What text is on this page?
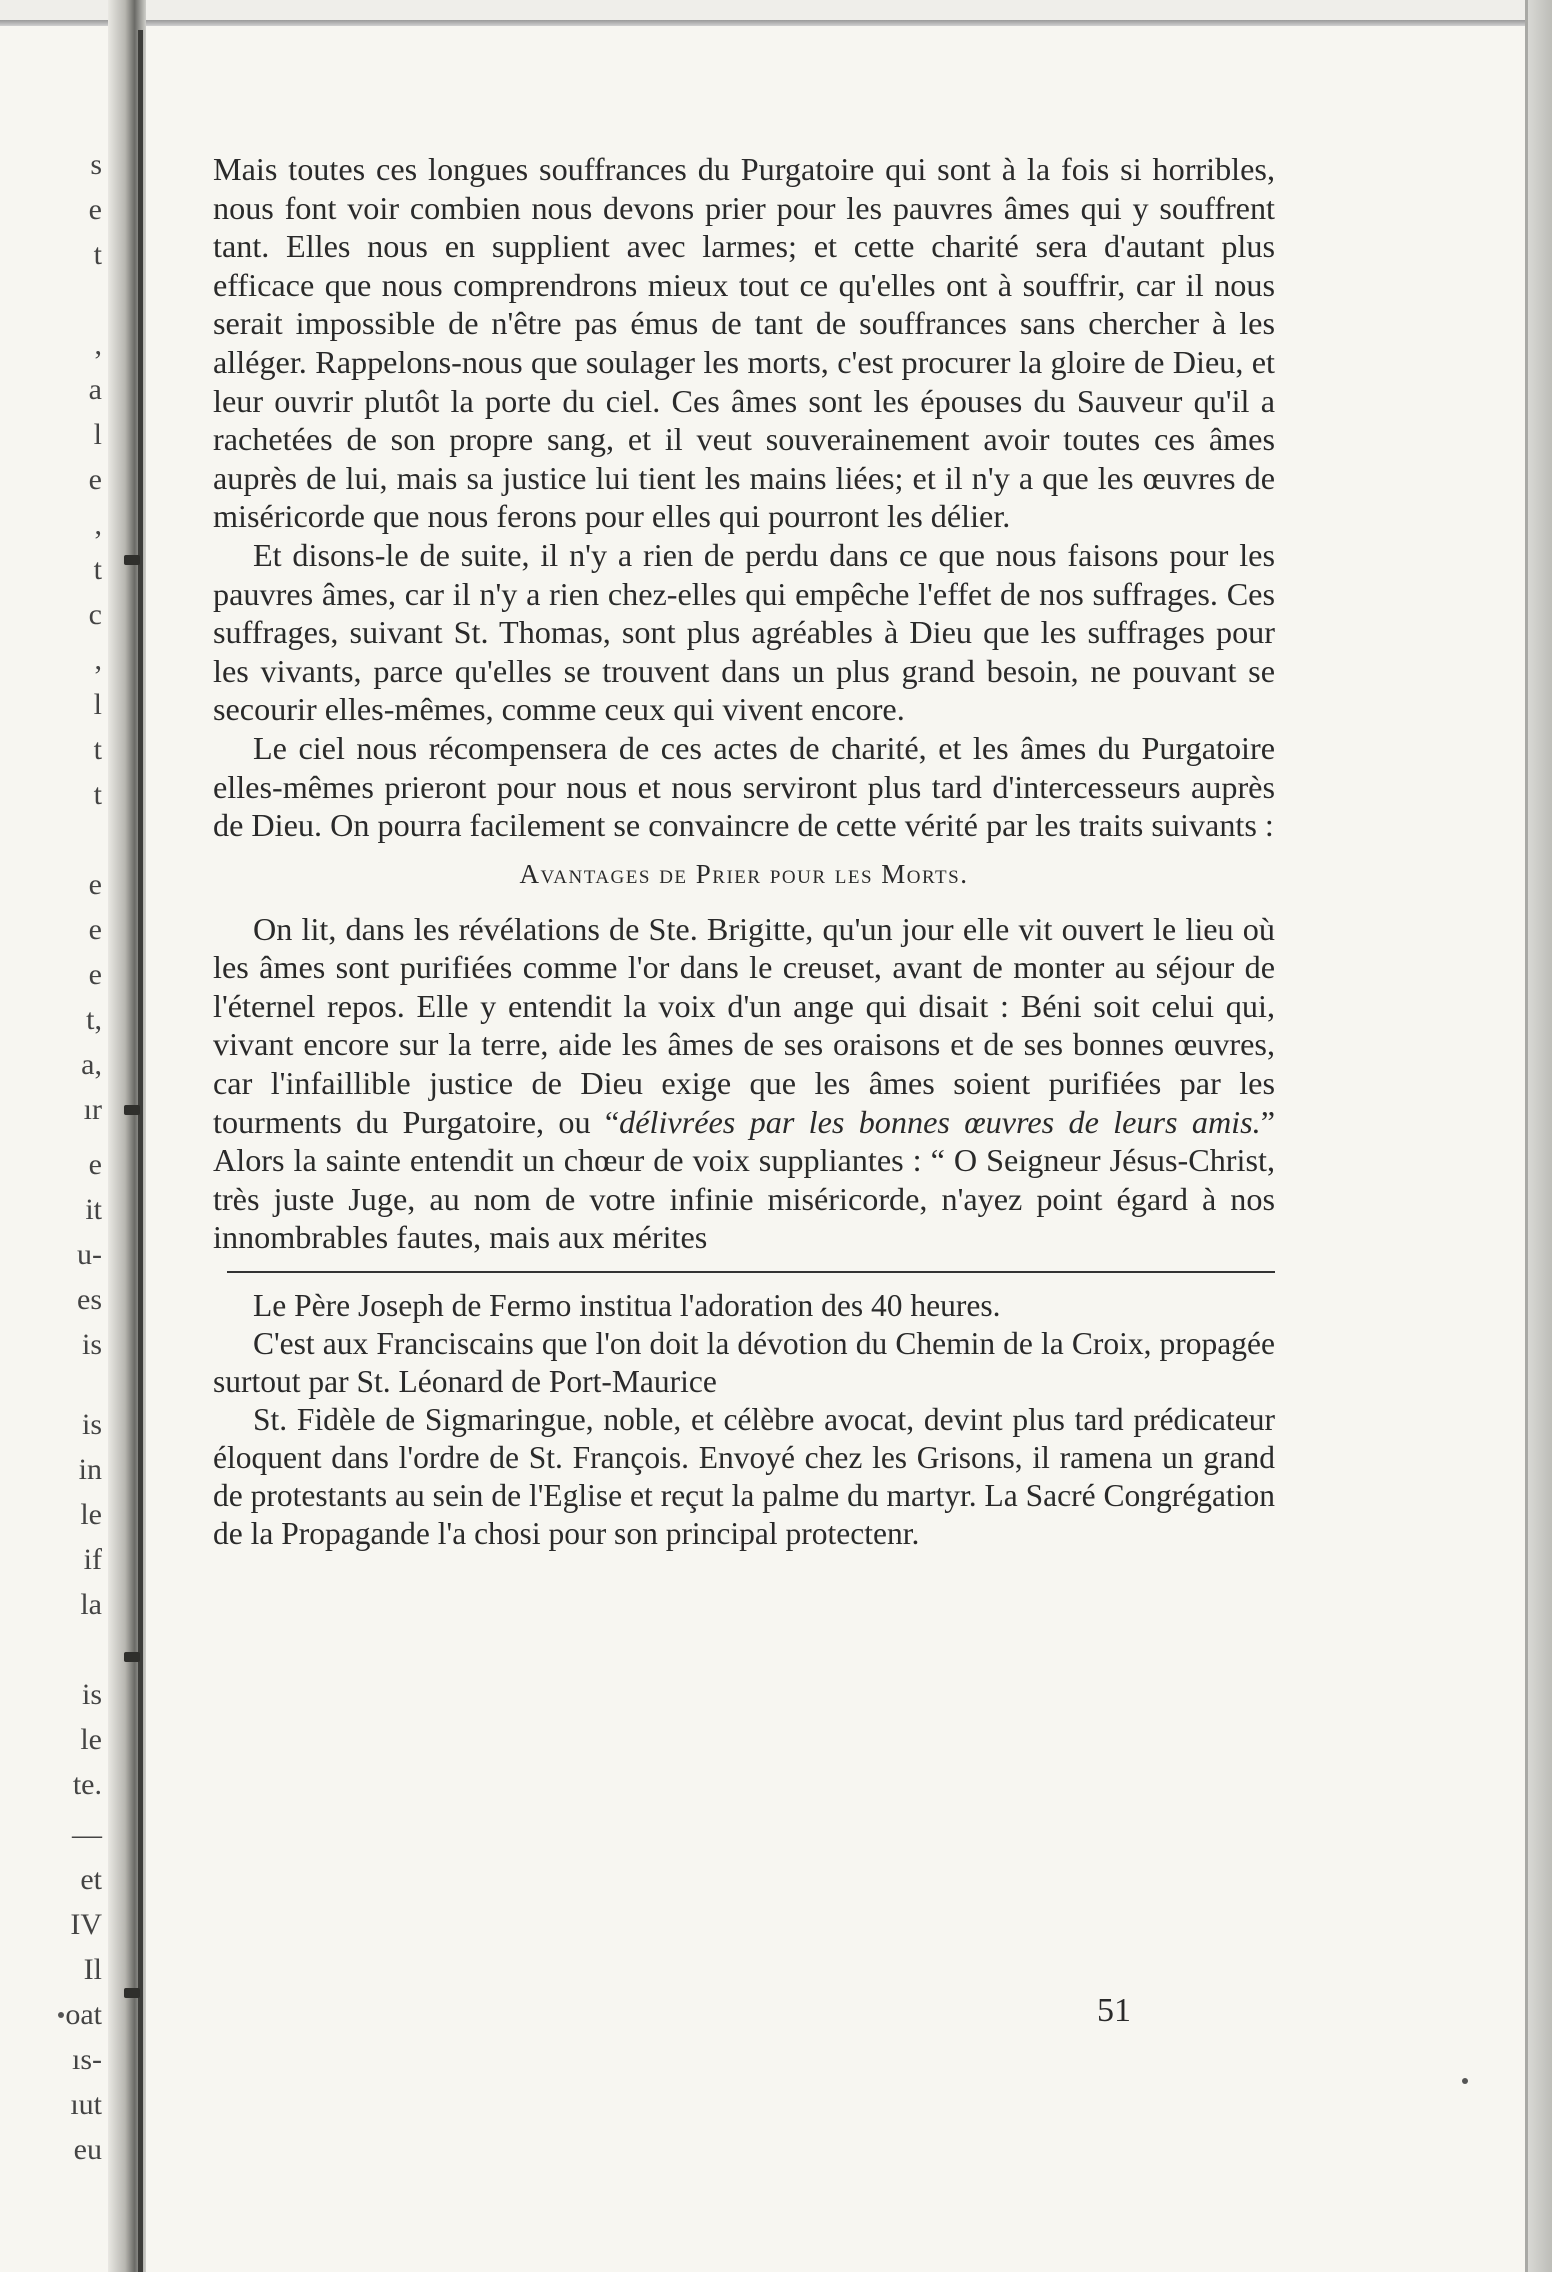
s
e
t
,
a
l
e
,
t
c
,
l
t
t
e
e
e
t,
a,
ır
e
it
u-
es
is
is
in
le
if
la
is
le
te.
—
et
IV
Il
oat
ıs-
ıut
eu

Mais toutes ces longues souffrances du Purgatoire qui sont à la fois si horribles, nous font voir combien nous devons prier pour les pauvres âmes qui y souffrent tant. Elles nous en supplient avec larmes; et cette charité sera d'autant plus efficace que nous comprendrons mieux tout ce qu'elles ont à souffrir, car il nous serait impossible de n'être pas émus de tant de souffrances sans chercher à les alléger. Rappelons-nous que soulager les morts, c'est procurer la gloire de Dieu, et leur ouvrir plutôt la porte du ciel. Ces âmes sont les épouses du Sauveur qu'il a rachetées de son propre sang, et il veut souverainement avoir toutes ces âmes auprès de lui, mais sa justice lui tient les mains liées; et il n'y a que les œuvres de miséricorde que nous ferons pour elles qui pourront les délier.

Et disons-le de suite, il n'y a rien de perdu dans ce que nous faisons pour les pauvres âmes, car il n'y a rien chez-elles qui empêche l'effet de nos suffrages. Ces suffrages, suivant St. Thomas, sont plus agréables à Dieu que les suffrages pour les vivants, parce qu'elles se trouvent dans un plus grand besoin, ne pouvant se secourir elles-mêmes, comme ceux qui vivent encore.

Le ciel nous récompensera de ces actes de charité, et les âmes du Purgatoire elles-mêmes prieront pour nous et nous serviront plus tard d'intercesseurs auprès de Dieu. On pourra facilement se convaincre de cette vérité par les traits suivants :

Avantages de Prier pour les Morts.

On lit, dans les révélations de Ste. Brigitte, qu'un jour elle vit ouvert le lieu où les âmes sont purifiées comme l'or dans le creuset, avant de monter au séjour de l'éternel repos. Elle y entendit la voix d'un ange qui disait : Béni soit celui qui, vivant encore sur la terre, aide les âmes de ses oraisons et de ses bonnes œuvres, car l'infaillible justice de Dieu exige que les âmes soient purifiées par les tourments du Purgatoire, ou “délivrées par les bonnes œuvres de leurs amis.” Alors la sainte entendit un chœur de voix suppliantes : “ O Seigneur Jésus-Christ, très juste Juge, au nom de votre infinie miséricorde, n'ayez point égard à nos innombrables fautes, mais aux mérites

Le Père Joseph de Fermo institua l'adoration des 40 heures.

C'est aux Franciscains que l'on doit la dévotion du Chemin de la Croix, propagée surtout par St. Léonard de Port-Maurice

St. Fidèle de Sigmaringue, noble, et célèbre avocat, devint plus tard prédicateur éloquent dans l'ordre de St. François. Envoyé chez les Grisons, il ramena un grand de protestants au sein de l'Eglise et reçut la palme du martyr. La Sacré Congrégation de la Propagande l'a chosi pour son principal protectenr.

51
